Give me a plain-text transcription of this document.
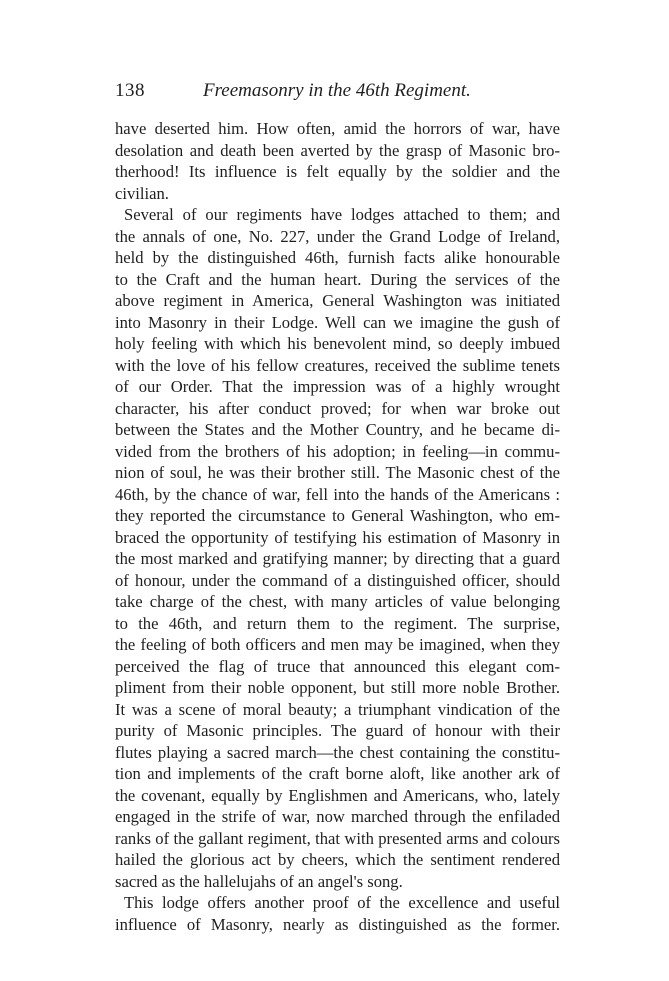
138	Freemasonry in the 46th Regiment.
have deserted him. How often, amid the horrors of war, have
desolation and death been averted by the grasp of Masonic bro-
therhood! Its influence is felt equally by the soldier and the
civilian.
Several of our regiments have lodges attached to them; and
the annals of one, No. 227, under the Grand Lodge of Ireland,
held by the distinguished 46th, furnish facts alike honourable
to the Craft and the human heart. During the services of the
above regiment in America, General Washington was initiated
into Masonry in their Lodge. Well can we imagine the gush of
holy feeling with which his benevolent mind, so deeply imbued
with the love of his fellow creatures, received the sublime tenets
of our Order. That the impression was of a highly wrought
character, his after conduct proved; for when war broke out
between the States and the Mother Country, and he became di-
vided from the brothers of his adoption; in feeling—in commu-
nion of soul, he was their brother still. The Masonic chest of the
46th, by the chance of war, fell into the hands of the Americans :
they reported the circumstance to General Washington, who em-
braced the opportunity of testifying his estimation of Masonry in
the most marked and gratifying manner; by directing that a guard
of honour, under the command of a distinguished officer, should
take charge of the chest, with many articles of value belonging
to the 46th, and return them to the regiment. The surprise,
the feeling of both officers and men may be imagined, when they
perceived the flag of truce that announced this elegant com-
pliment from their noble opponent, but still more noble Brother.
It was a scene of moral beauty; a triumphant vindication of the
purity of Masonic principles. The guard of honour with their
flutes playing a sacred march—the chest containing the constitu-
tion and implements of the craft borne aloft, like another ark of
the covenant, equally by Englishmen and Americans, who, lately
engaged in the strife of war, now marched through the enfiladed
ranks of the gallant regiment, that with presented arms and colours
hailed the glorious act by cheers, which the sentiment rendered
sacred as the hallelujahs of an angel's song.
This lodge offers another proof of the excellence and useful
influence of Masonry, nearly as distinguished as the former.
